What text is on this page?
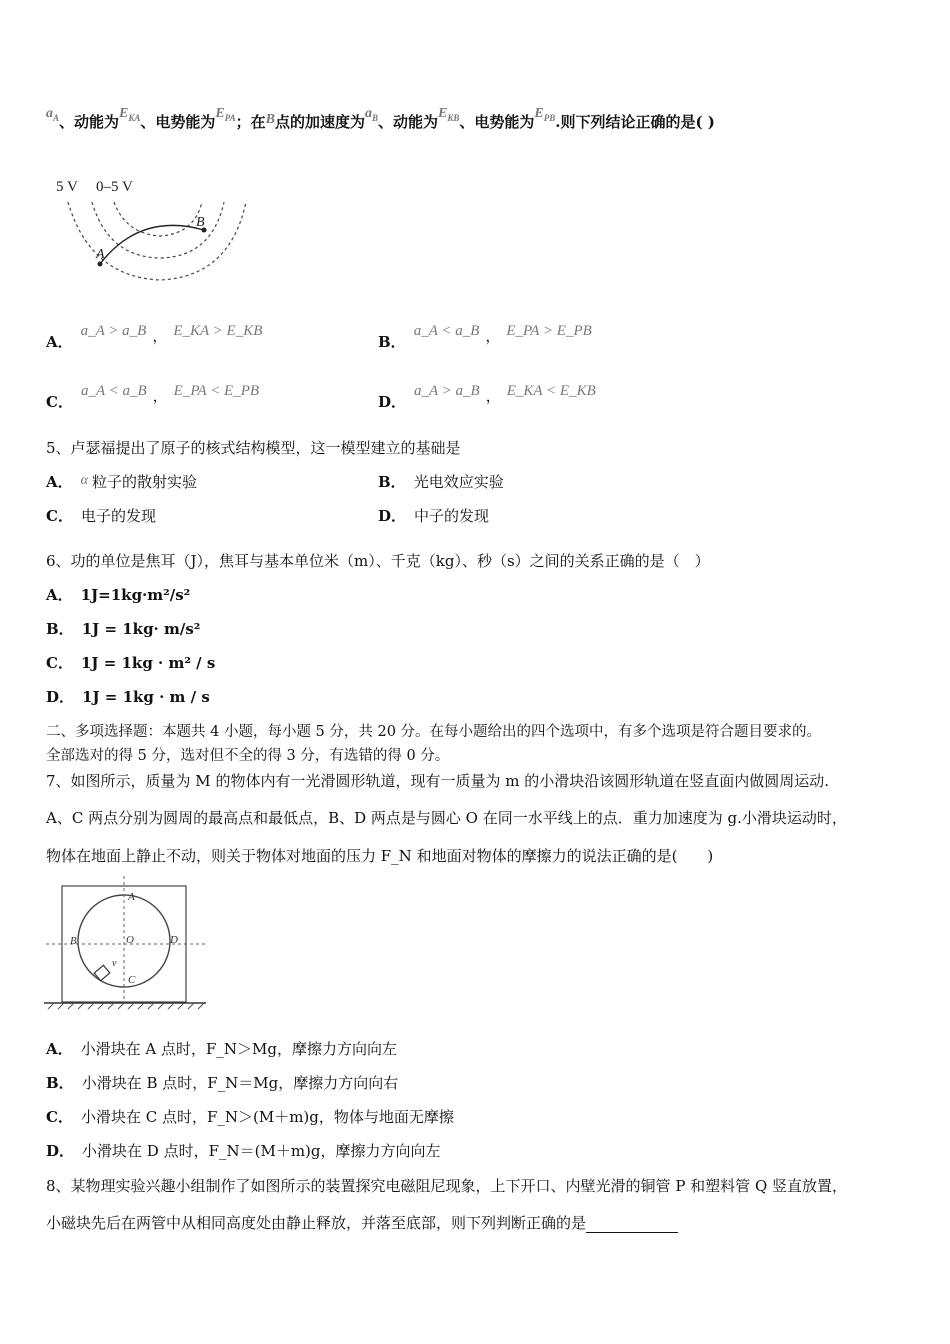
$a_A$、动能为$E_{KA}$、电势能为$E_{PA}$；在B点的加速度为$a_B$、动能为$E_{KB}$、电势能为$E_{PB}$.则下列结论正确的是( )
5 V 0–5 V
A
B
A．a_A > a_B ， E_KA > E_KB
B．a_A < a_B ， E_PA > E_PB
C．a_A < a_B ， E_PA < E_PB
D．a_A > a_B ， E_KA < E_KB
5、卢瑟福提出了原子的核式结构模型，这一模型建立的基础是
A． α 粒子的散射实验	B． 光电效应实验
C． 电子的发现	D． 中子的发现
6、功的单位是焦耳（J），焦耳与基本单位米（m）、千克（kg）、秒（s）之间的关系正确的是（　）
A． 1J=1kg·m²/s²
B． 1J = 1kg· m/s²
C． 1J = 1kg · m² / s
D． 1J = 1kg · m / s
二、多项选择题：本题共 4 小题，每小题 5 分，共 20 分。在每小题给出的四个选项中，有多个选项是符合题目要求的。
全部选对的得 5 分，选对但不全的得 3 分，有选错的得 0 分。
7、如图所示，质量为 M 的物体内有一光滑圆形轨道，现有一质量为 m 的小滑块沿该圆形轨道在竖直面内做圆周运动.
A、C 两点分别为圆周的最高点和最低点，B、D 两点是与圆心 O 在同一水平线上的点．重力加速度为 g.小滑块运动时，
物体在地面上静止不动，则关于物体对地面的压力 F_N 和地面对物体的摩擦力的说法正确的是(　　)
A
B
C
D
O
v
A． 小滑块在 A 点时，F_N＞Mg，摩擦力方向向左
B． 小滑块在 B 点时，F_N＝Mg，摩擦力方向向右
C． 小滑块在 C 点时，F_N＞(M＋m)g，物体与地面无摩擦
D． 小滑块在 D 点时，F_N＝(M＋m)g，摩擦力方向向左
8、某物理实验兴趣小组制作了如图所示的装置探究电磁阻尼现象，上下开口、内壁光滑的铜管 P 和塑料管 Q 竖直放置，
小磁块先后在两管中从相同高度处由静止释放，并落至底部，则下列判断正确的是
